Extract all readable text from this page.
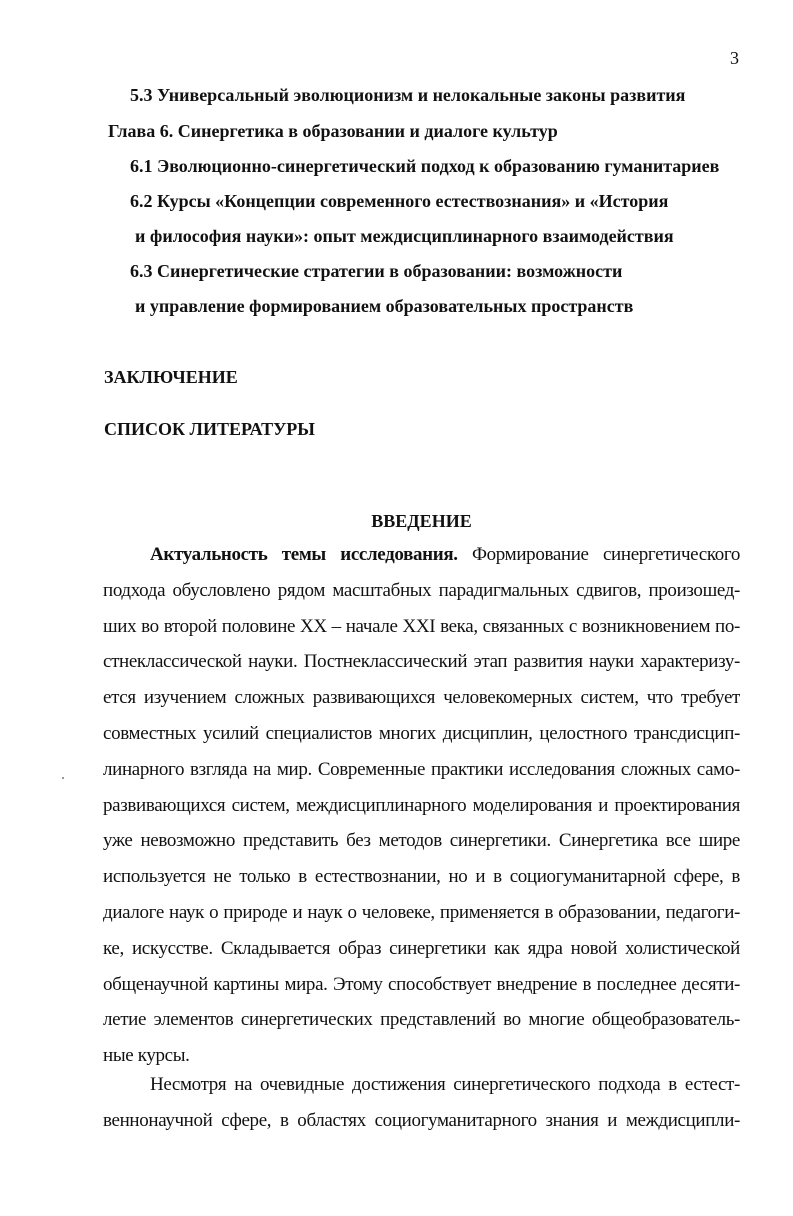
3
5.3 Универсальный эволюционизм и нелокальные законы развития
Глава 6. Синергетика в образовании и диалоге культур
6.1 Эволюционно-синергетический подход к образованию гуманитариев
6.2 Курсы «Концепции современного естествознания» и «История
и философия науки»: опыт междисциплинарного взаимодействия
6.3 Синергетические стратегии в образовании: возможности
и управление формированием образовательных пространств
ЗАКЛЮЧЕНИЕ
СПИСОК ЛИТЕРАТУРЫ
ВВЕДЕНИЕ
Актуальность темы исследования. Формирование синергетического
подхода обусловлено рядом масштабных парадигмальных сдвигов, произошед-
ших во второй половине XX – начале XXI века, связанных с возникновением по-
стнеклассической науки. Постнеклассический этап развития науки характеризу-
ется изучением сложных развивающихся человекомерных систем, что требует
совместных усилий специалистов многих дисциплин, целостного трансдисцип-
линарного взгляда на мир. Современные практики исследования сложных само-
развивающихся систем, междисциплинарного моделирования и проектирования
уже невозможно представить без методов синергетики. Синергетика все шире
используется не только в естествознании, но и в социогуманитарной сфере, в
диалоге наук о природе и наук о человеке, применяется в образовании, педагоги-
ке, искусстве. Складывается образ синергетики как ядра новой холистической
общенаучной картины мира. Этому способствует внедрение в последнее десяти-
летие элементов синергетических представлений во многие общеобразователь-
ные курсы.
Несмотря на очевидные достижения синергетического подхода в естест-
веннонаучной сфере, в областях социогуманитарного знания и междисципли-
